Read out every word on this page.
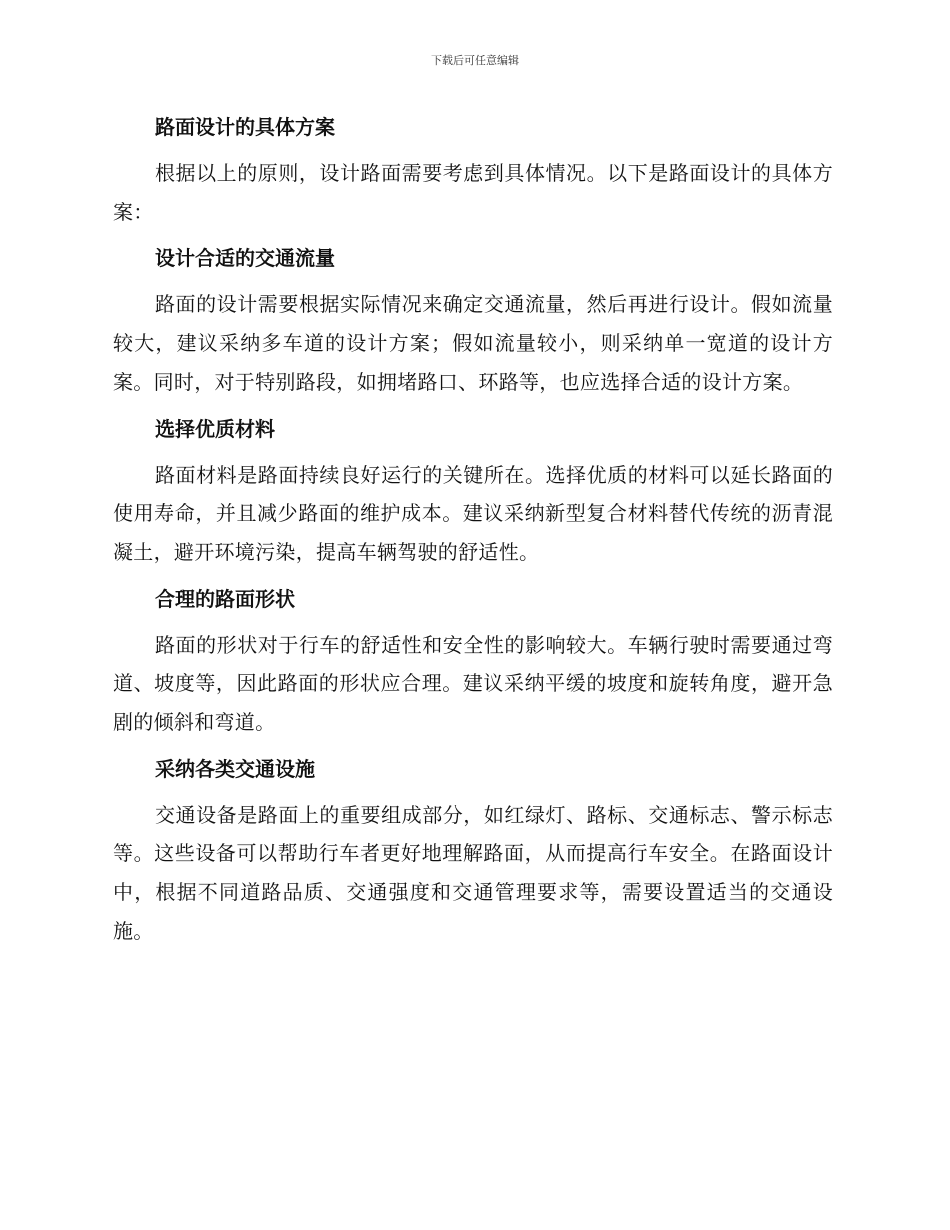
下载后可任意编辑
路面设计的具体方案

根据以上的原则，设计路面需要考虑到具体情况。以下是路面设计的具体方案：

设计合适的交通流量

路面的设计需要根据实际情况来确定交通流量，然后再进行设计。假如流量较大，建议采纳多车道的设计方案；假如流量较小，则采纳单一宽道的设计方案。同时，对于特别路段，如拥堵路口、环路等，也应选择合适的设计方案。

选择优质材料

路面材料是路面持续良好运行的关键所在。选择优质的材料可以延长路面的使用寿命，并且减少路面的维护成本。建议采纳新型复合材料替代传统的沥青混凝土，避开环境污染，提高车辆驾驶的舒适性。

合理的路面形状

路面的形状对于行车的舒适性和安全性的影响较大。车辆行驶时需要通过弯道、坡度等，因此路面的形状应合理。建议采纳平缓的坡度和旋转角度，避开急剧的倾斜和弯道。

采纳各类交通设施

交通设备是路面上的重要组成部分，如红绿灯、路标、交通标志、警示标志等。这些设备可以帮助行车者更好地理解路面，从而提高行车安全。在路面设计中，根据不同道路品质、交通强度和交通管理要求等，需要设置适当的交通设施。
